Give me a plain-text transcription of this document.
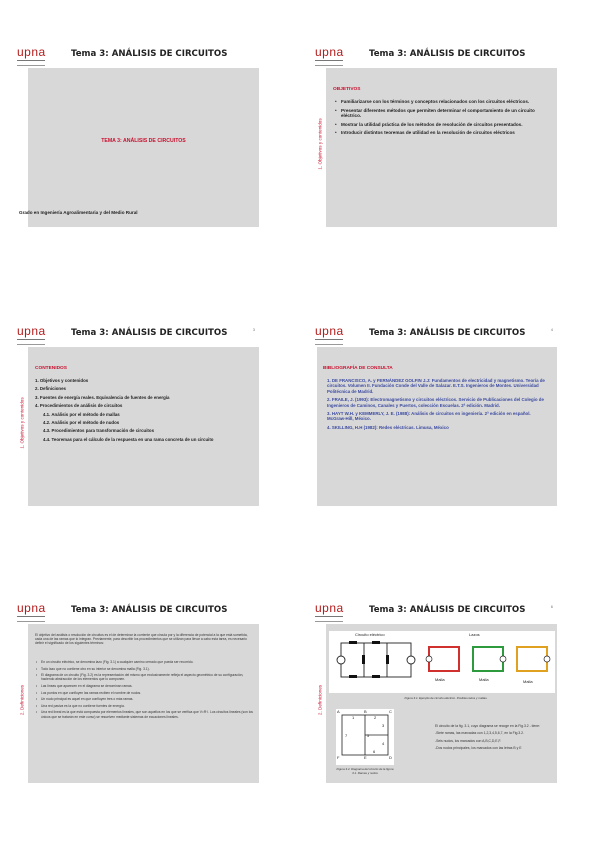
upna	Tema 3: ANÁLISIS DE CIRCUITOS
TEMA 3: ANÁLISIS DE CIRCUITOS
Grado en Ingeniería Agroalimentaria y del Medio Rural
upna	Tema 3: ANÁLISIS DE CIRCUITOS
1. Objetivos y contenidos
OBJETIVOS
• Familiarizarse con los términos y conceptos relacionados con los circuitos eléctricos.
• Presentar diferentes métodos que permiten determinar el comportamiento de un circuito eléctrico.
• Mostrar la utilidad práctica de los métodos de resolución de circuitos presentados.
• Introducir distintos teoremas de utilidad en la resolución de circuitos eléctricos
upna	Tema 3: ANÁLISIS DE CIRCUITOS	3
1. Objetivos y contenidos
CONTENIDOS
1. Objetivos y contenidos
2. Definiciones
3. Fuentes de energía reales. Equivalencia de fuentes de energía
4. Procedimientos de análisis de circuitos
4.1. Análisis por el método de mallas
4.2. Análisis por el método de nudos
4.3. Procedimientos para transformación de circuitos
4.4. Teoremas para el cálculo de la respuesta en una rama concreta de un circuito
upna	Tema 3: ANÁLISIS DE CIRCUITOS	4
BIBLIOGRAFÍA DE CONSULTA
1. DE FRANCISCO, A. y FERNÁNDEZ GOLFIN J.J: Fundamentos de electricidad y magnetismo. Teoría de circuitos. Volumen II. Fundación Conde del Valle de Salazar. E.T.S. Ingenieros de Montes. Universidad Politécnica de Madrid.
2. FRAILE, J. (1993): Electromagnetismo y circuitos eléctricos. Servicio de Publicaciones del Colegio de Ingenieros de Caminos, Canales y Puertos, colección Escuelas. 2ª edición. Madrid.
3. HAYT W.H. y KEMMERLY, J. E. (1988): Análisis de circuitos en ingeniería. 2ª edición en español. McGraw-Hill, México.
4. SKILLING, H.H (1982): Redes eléctricas. Limusa, México
upna	Tema 3: ANÁLISIS DE CIRCUITOS
2. Definiciones
El objetivo del análisis o resolución de circuitos es el de determinar la corriente que circula por y la diferencia de potencial a la que está sometida, cada una de las ramas que lo integran. Previamente, para describir los procedimientos que se utilizan para llevar a cabo esta tarea, es necesario definir el significado de los siguientes términos:
• En un circuito eléctrico, se denomina lazo (Fig. 3.1) a cualquier camino cerrado que pueda ser recorrido.
• Todo lazo que no contiene otro en su interior se denomina malla (Fig. 3.1).
• El diagrama de un circuito (Fig. 3.2) es la representación del mismo que exclusivamente refleja el aspecto geométrico de su configuración, haciendo abstracción de los elementos que lo componen.
• Las líneas que aparecen en el diagrama se denominan ramas.
• Los puntos en que confluyen las ramas reciben el nombre de nudos.
• Un nudo principal es aquel en que confluyen tres o más ramas.
• Una red pasiva es la que no contiene fuentes de energía.
• Una red lineal es la que está compuesta por elementos lineales, que son aquellos en los que se verifica que V=R·I. Los circuitos lineales (son los únicos que se tratarán en este curso) se resuelven mediante sistemas de ecuaciones lineales.
upna	Tema 3: ANÁLISIS DE CIRCUITOS	6
2. Definiciones
Circuito eléctrico	Lazos
Malla	Malla	Malla
Figura 3.1. Ejemplo de circuito eléctrico. Posibles lazos y mallas.
A	B	C
F	E	D
1	2
3
4
5
6
7
Figura 3.2. Diagrama del circuito de la figura 3.1. Ramas y nudos
El circuito de la fig. 3.1, cuyo diagrama se recoge en la Fig.3.2 - tiene:
-Siete ramas, las marcadas con 1,2,3,4,5,6,7, en la Fig.3.2.
-Seis nudos, los marcados con A,B,C,D,E,F.
-Dos nudos principales, los marcados con las letras B y E
